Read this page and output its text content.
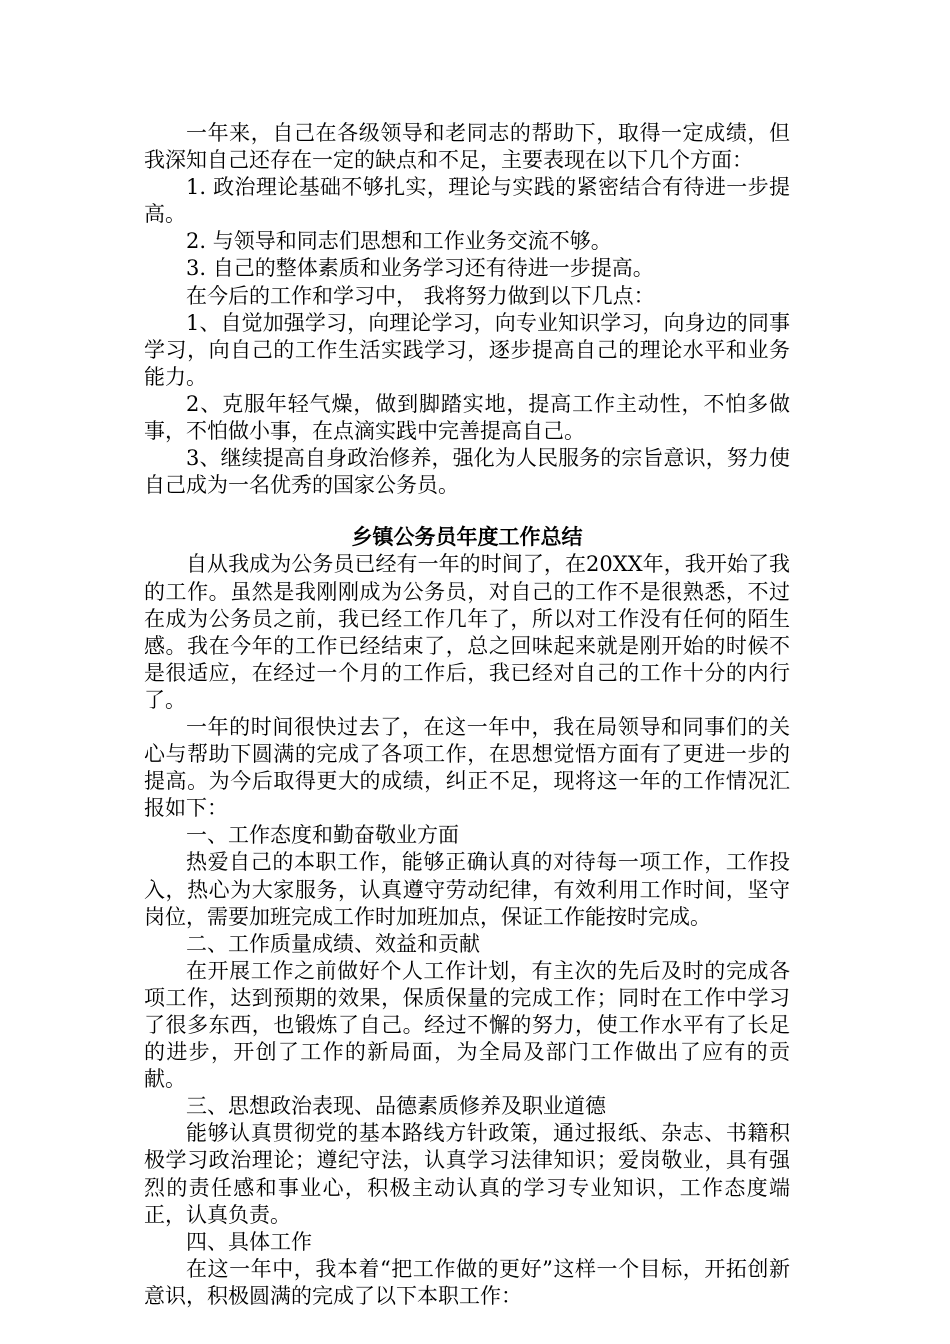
一年来，自己在各级领导和老同志的帮助下，取得一定成绩，但我深知自己还存在一定的缺点和不足，主要表现在以下几个方面：

1. 政治理论基础不够扎实，理论与实践的紧密结合有待进一步提高。

2. 与领导和同志们思想和工作业务交流不够。

3. 自己的整体素质和业务学习还有待进一步提高。

在今后的工作和学习中， 我将努力做到以下几点：

1、自觉加强学习，向理论学习，向专业知识学习，向身边的同事学习，向自己的工作生活实践学习，逐步提高自己的理论水平和业务能力。

2、克服年轻气燥，做到脚踏实地，提高工作主动性，不怕多做事，不怕做小事，在点滴实践中完善提高自己。

3、继续提高自身政治修养，强化为人民服务的宗旨意识，努力使自己成为一名优秀的国家公务员。

乡镇公务员年度工作总结

自从我成为公务员已经有一年的时间了，在20XX年，我开始了我的工作。虽然是我刚刚成为公务员，对自己的工作不是很熟悉，不过在成为公务员之前，我已经工作几年了，所以对工作没有任何的陌生感。我在今年的工作已经结束了，总之回味起来就是刚开始的时候不是很适应，在经过一个月的工作后，我已经对自己的工作十分的内行了。

一年的时间很快过去了，在这一年中，我在局领导和同事们的关心与帮助下圆满的完成了各项工作，在思想觉悟方面有了更进一步的提高。为今后取得更大的成绩，纠正不足，现将这一年的工作情况汇报如下：

一、工作态度和勤奋敬业方面

热爱自己的本职工作，能够正确认真的对待每一项工作，工作投入，热心为大家服务，认真遵守劳动纪律，有效利用工作时间，坚守岗位，需要加班完成工作时加班加点，保证工作能按时完成。

二、工作质量成绩、效益和贡献

在开展工作之前做好个人工作计划，有主次的先后及时的完成各项工作，达到预期的效果，保质保量的完成工作；同时在工作中学习了很多东西，也锻炼了自己。经过不懈的努力，使工作水平有了长足的进步，开创了工作的新局面，为全局及部门工作做出了应有的贡献。

三、思想政治表现、品德素质修养及职业道德

能够认真贯彻党的基本路线方针政策，通过报纸、杂志、书籍积极学习政治理论；遵纪守法，认真学习法律知识；爱岗敬业，具有强烈的责任感和事业心，积极主动认真的学习专业知识，工作态度端正，认真负责。

四、具体工作

在这一年中，我本着“把工作做的更好”这样一个目标，开拓创新意识，积极圆满的完成了以下本职工作：
